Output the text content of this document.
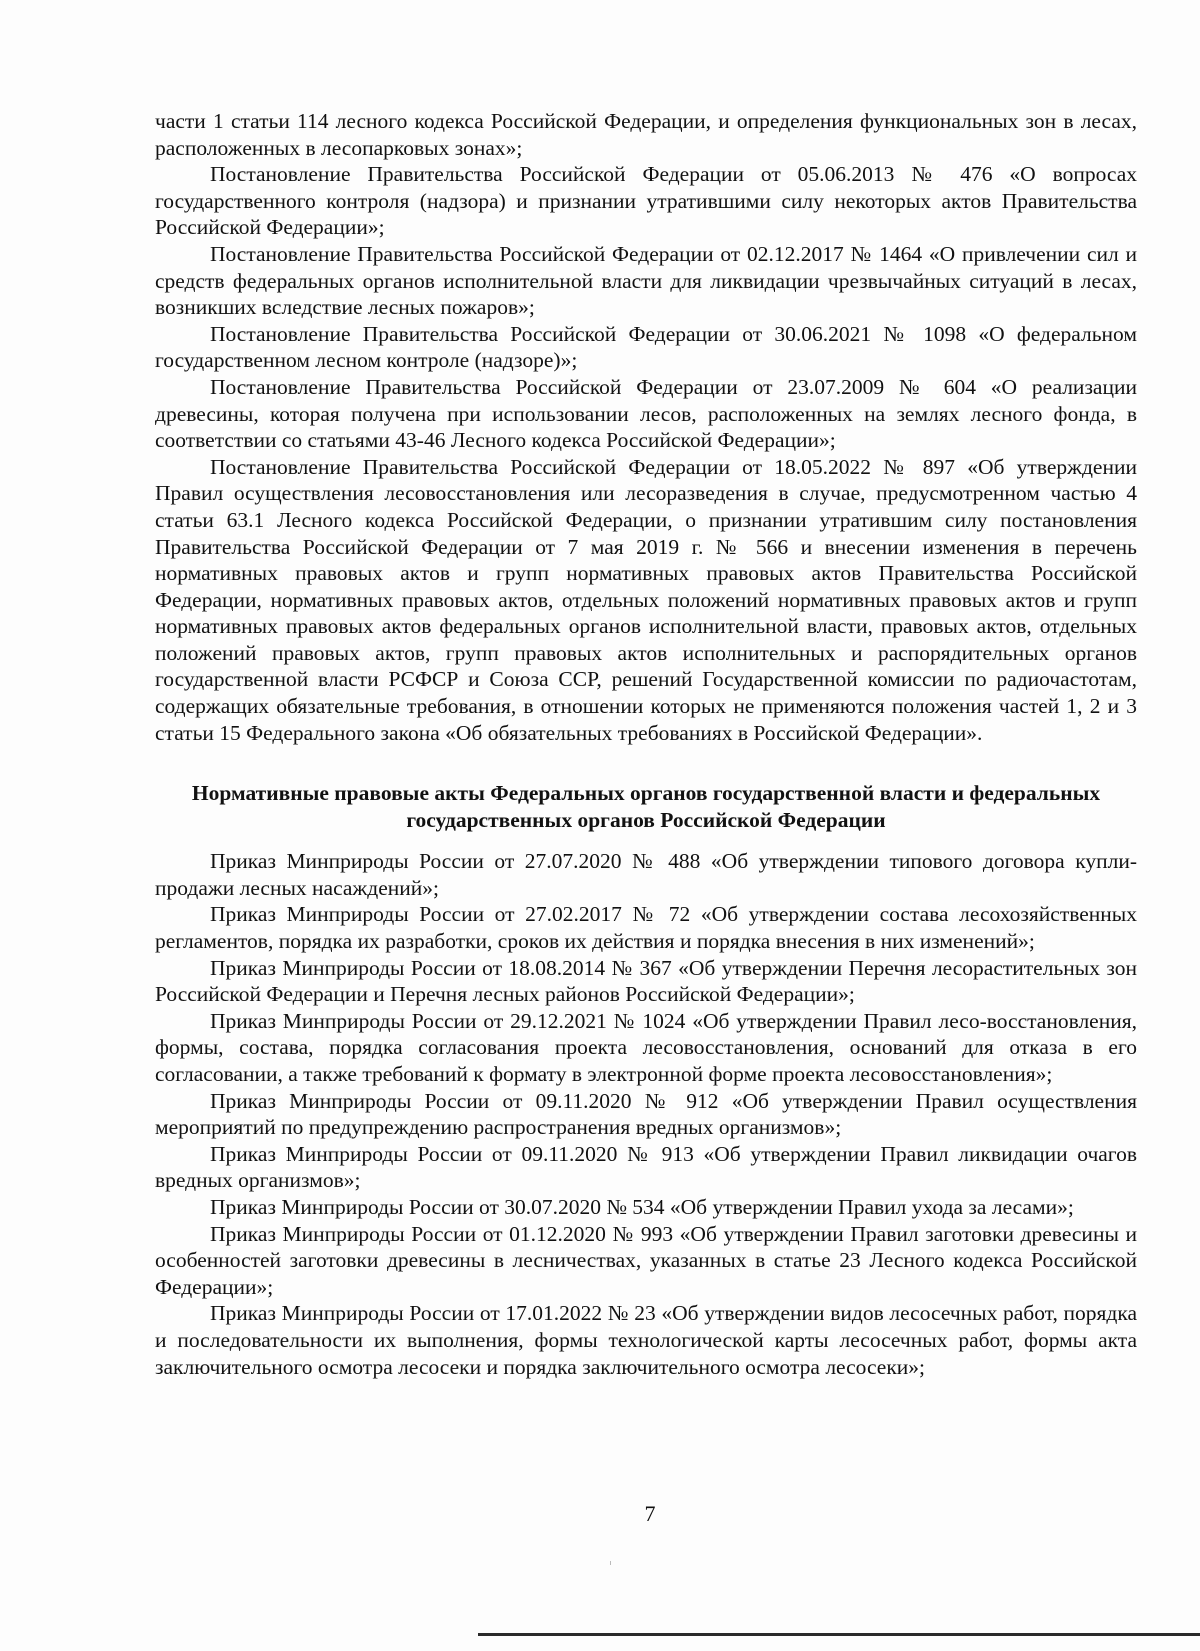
части 1 статьи 114 лесного кодекса Российской Федерации, и определения функциональных зон в лесах, расположенных в лесопарковых зонах»;

Постановление Правительства Российской Федерации от 05.06.2013 № 476 «О вопросах государственного контроля (надзора) и признании утратившими силу некоторых актов Правительства Российской Федерации»;

Постановление Правительства Российской Федерации от 02.12.2017 № 1464 «О привлечении сил и средств федеральных органов исполнительной власти для ликвидации чрезвычайных ситуаций в лесах, возникших вследствие лесных пожаров»;

Постановление Правительства Российской Федерации от 30.06.2021 № 1098 «О федеральном государственном лесном контроле (надзоре)»;

Постановление Правительства Российской Федерации от 23.07.2009 № 604 «О реализации древесины, которая получена при использовании лесов, расположенных на землях лесного фонда, в соответствии со статьями 43-46 Лесного кодекса Российской Федерации»;

Постановление Правительства Российской Федерации от 18.05.2022 № 897 «Об утверждении Правил осуществления лесовосстановления или лесоразведения в случае, предусмотренном частью 4 статьи 63.1 Лесного кодекса Российской Федерации, о признании утратившим силу постановления Правительства Российской Федерации от 7 мая 2019 г. № 566 и внесении изменения в перечень нормативных правовых актов и групп нормативных правовых актов Правительства Российской Федерации, нормативных правовых актов, отдельных положений нормативных правовых актов и групп нормативных правовых актов федеральных органов исполнительной власти, правовых актов, отдельных положений правовых актов, групп правовых актов исполнительных и распорядительных органов государственной власти РСФСР и Союза ССР, решений Государственной комиссии по радиочастотам, содержащих обязательные требования, в отношении которых не применяются положения частей 1, 2 и 3 статьи 15 Федерального закона «Об обязательных требованиях в Российской Федерации».

Нормативные правовые акты Федеральных органов государственной власти и федеральных государственных органов Российской Федерации

Приказ Минприроды России от 27.07.2020 № 488 «Об утверждении типового договора купли-продажи лесных насаждений»;

Приказ Минприроды России от 27.02.2017 № 72 «Об утверждении состава лесохозяйственных регламентов, порядка их разработки, сроков их действия и порядка внесения в них изменений»;

Приказ Минприроды России от 18.08.2014 № 367 «Об утверждении Перечня лесорастительных зон Российской Федерации и Перечня лесных районов Российской Федерации»;

Приказ Минприроды России от 29.12.2021 № 1024 «Об утверждении Правил лесо-восстановления, формы, состава, порядка согласования проекта лесовосстановления, оснований для отказа в его согласовании, а также требований к формату в электронной форме проекта лесовосстановления»;

Приказ Минприроды России от 09.11.2020 № 912 «Об утверждении Правил осуществления мероприятий по предупреждению распространения вредных организмов»;

Приказ Минприроды России от 09.11.2020 № 913 «Об утверждении Правил ликвидации очагов вредных организмов»;

Приказ Минприроды России от 30.07.2020 № 534 «Об утверждении Правил ухода за лесами»;

Приказ Минприроды России от 01.12.2020 № 993 «Об утверждении Правил заготовки древесины и особенностей заготовки древесины в лесничествах, указанных в статье 23 Лесного кодекса Российской Федерации»;

Приказ Минприроды России от 17.01.2022 № 23 «Об утверждении видов лесосечных работ, порядка и последовательности их выполнения, формы технологической карты лесосечных работ, формы акта заключительного осмотра лесосеки и порядка заключительного осмотра лесосеки»;

7
